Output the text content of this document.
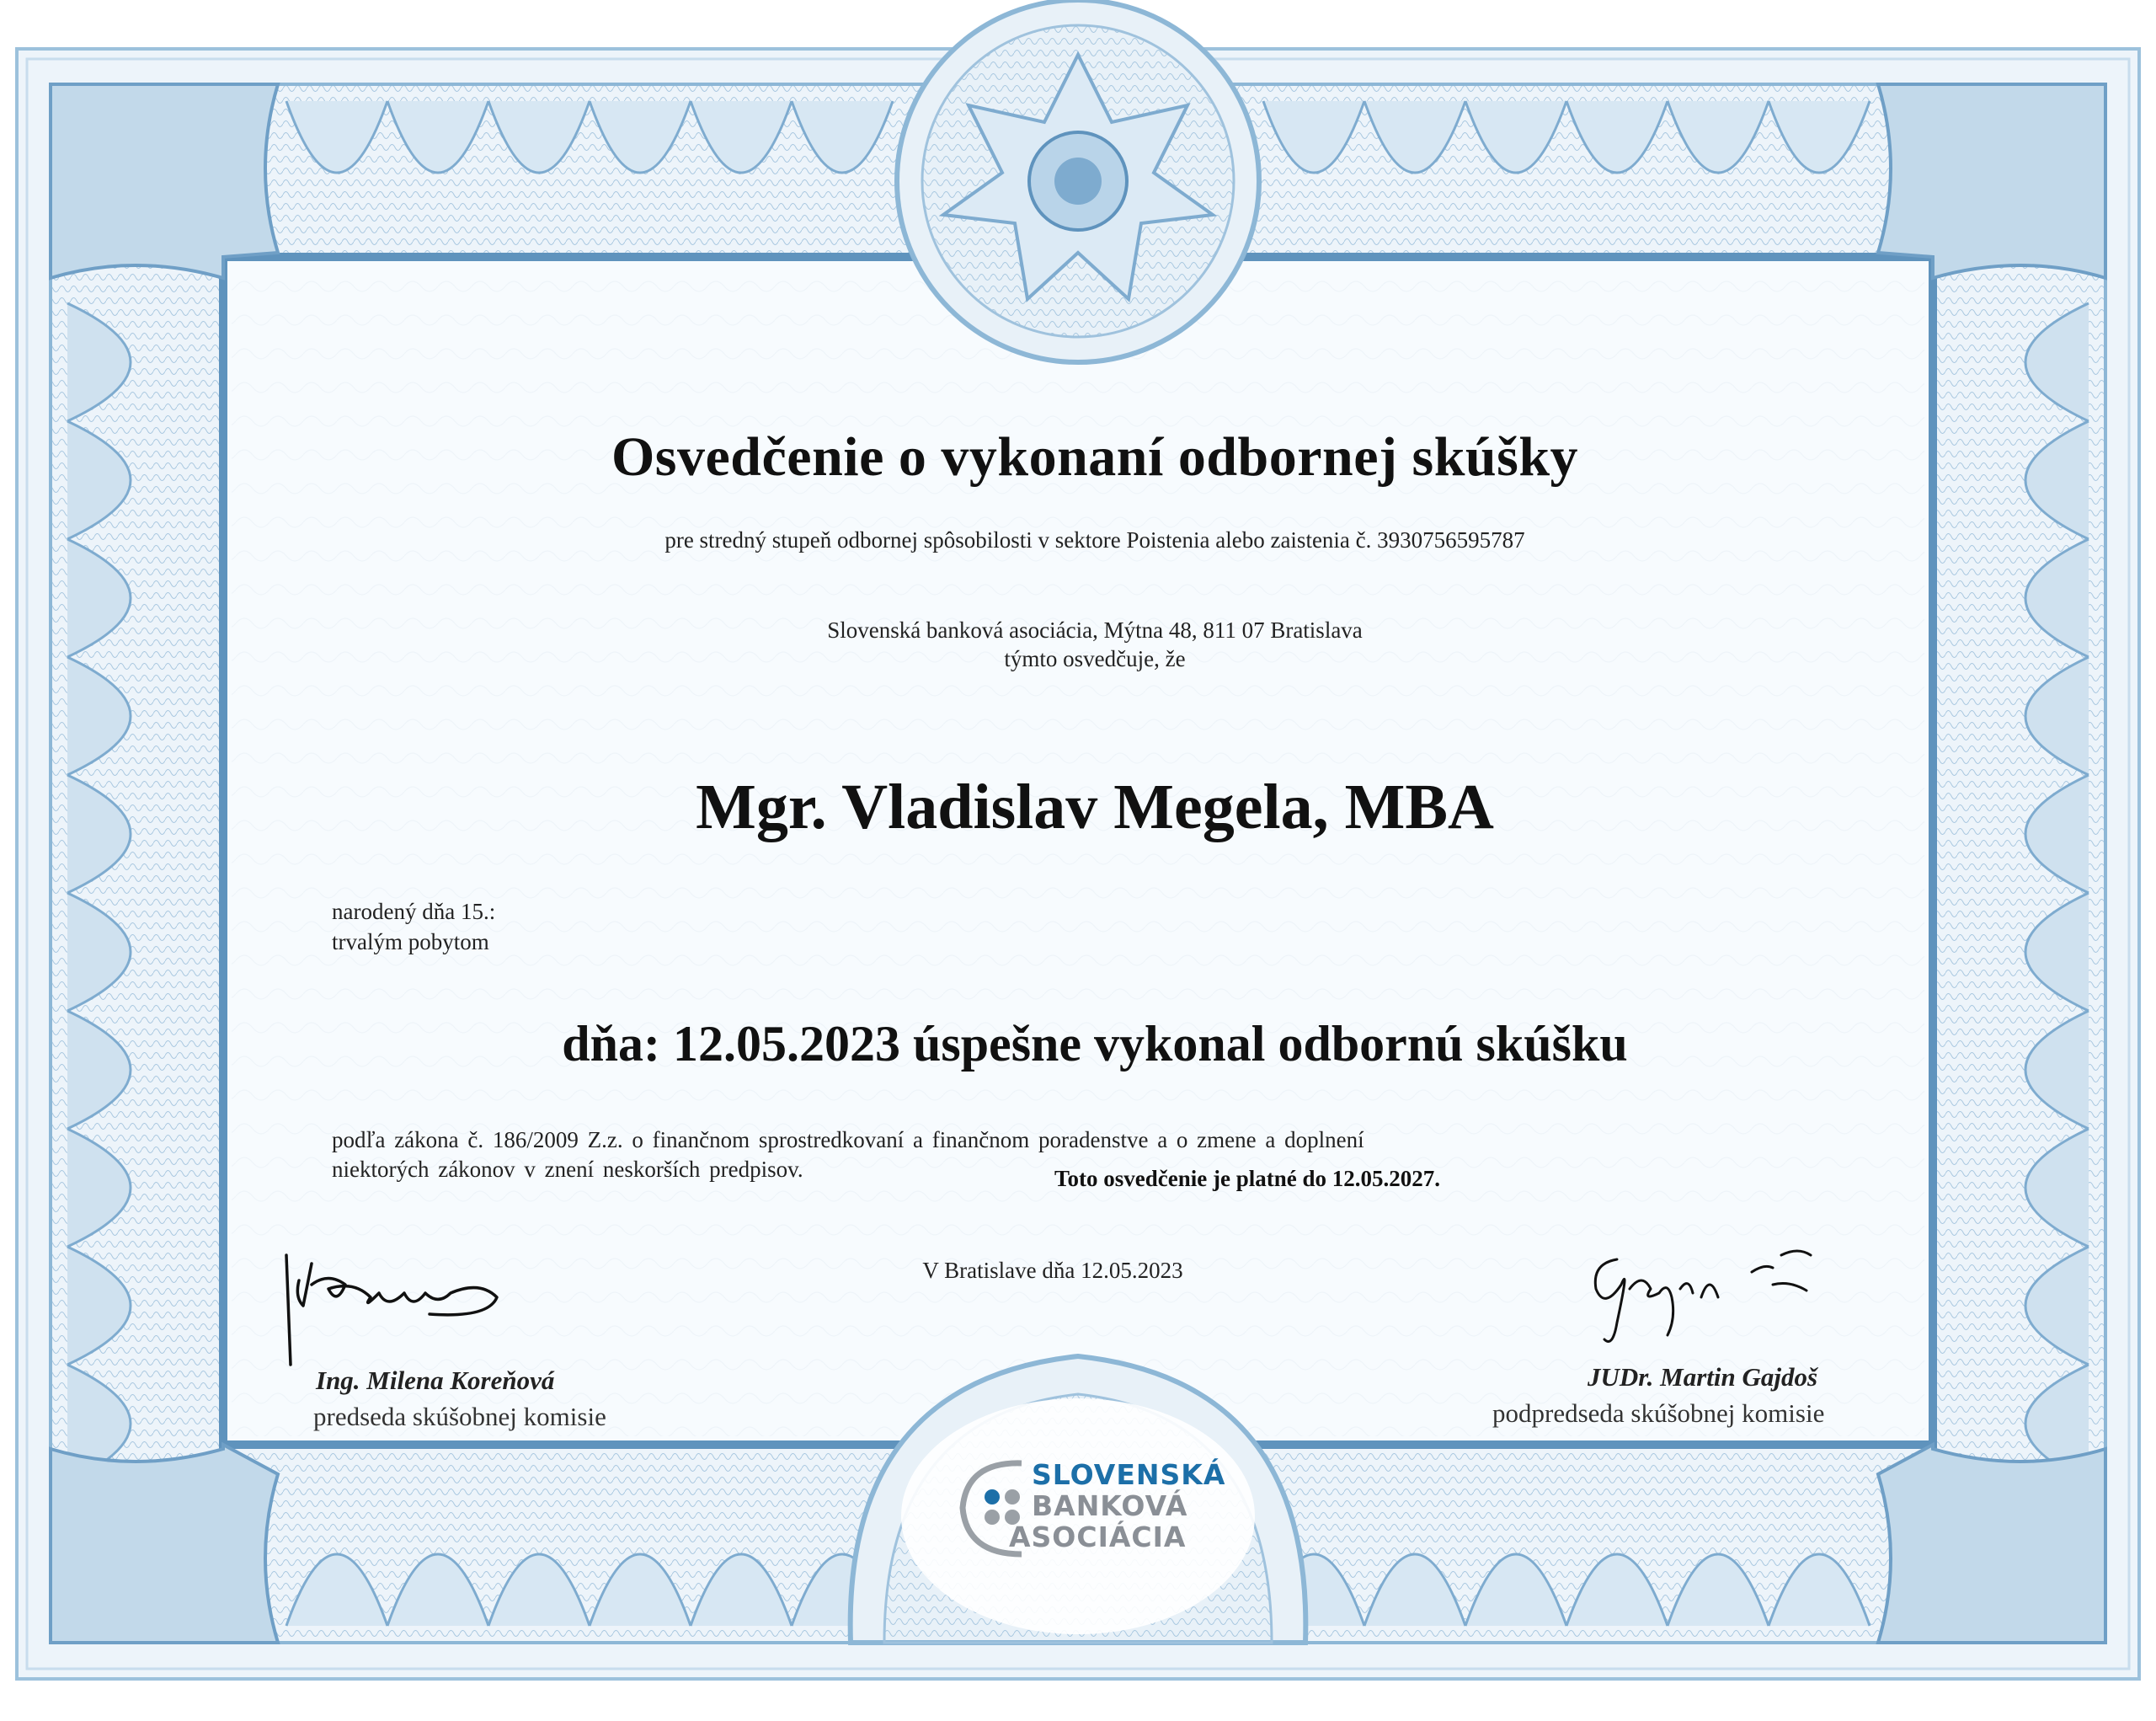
Osvedčenie o vykonaní odbornej skúšky
pre stredný stupeň odbornej spôsobilosti v sektore Poistenia alebo zaistenia č. 3930756595787
Slovenská banková asociácia, Mýtna 48, 811 07 Bratislava
týmto osvedčuje, že
Mgr. Vladislav Megela, MBA
narodený dňa 15.:
trvalým pobytom
dňa: 12.05.2023 úspešne vykonal odbornú skúšku
podľa zákona č. 186/2009 Z.z. o finančnom sprostredkovaní a finančnom poradenstve a o zmene a doplnení
niektorých zákonov v znení neskorších predpisov.	Toto osvedčenie je platné do 12.05.2027.
V Bratislave dňa 12.05.2023
Ing. Milena Koreňová
predseda skúšobnej komisie
JUDr. Martin Gajdoš
podpredseda skúšobnej komisie
SLOVENSKÁ
BANKOVÁ
ASOCIÁCIA
